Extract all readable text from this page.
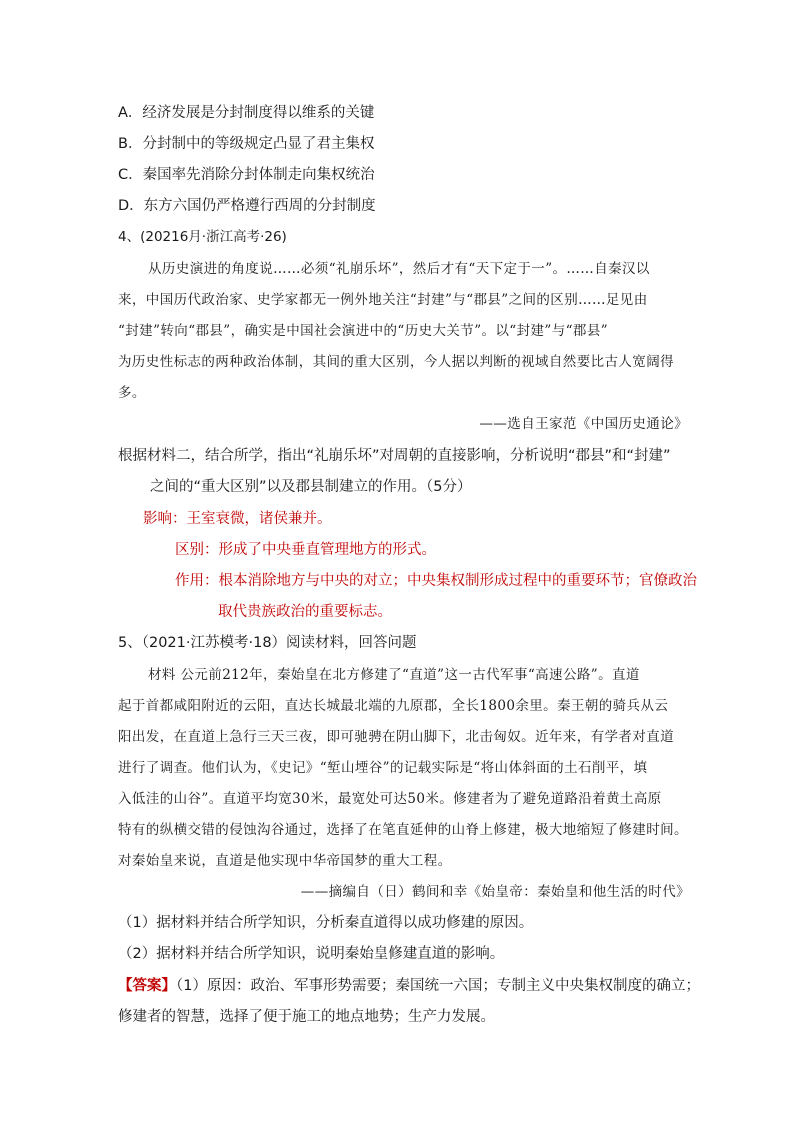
A．经济发展是分封制度得以维系的关键
B．分封制中的等级规定凸显了君主集权
C．秦国率先消除分封体制走向集权统治
D．东方六国仍严格遵行西周的分封制度
4、(20216月·浙江高考·26)
从历史演进的角度说……必须“礼崩乐坏”，然后才有“天下定于一”。……自秦汉以
来，中国历代政治家、史学家都无一例外地关注“封建”与“郡县”之间的区别……足见由
“封建”转向“郡县”，确实是中国社会演进中的“历史大关节”。以“封建”与“郡县”
为历史性标志的两种政治体制，其间的重大区别，今人据以判断的视域自然要比古人宽阔得
多。
——选自王家范《中国历史通论》
根据材料二，结合所学，指出“礼崩乐坏”对周朝的直接影响，分析说明“郡县”和“封建”
之间的“重大区别”以及郡县制建立的作用。（5分）
影响：王室衰微，诸侯兼并。
区别：形成了中央垂直管理地方的形式。
作用：根本消除地方与中央的对立；中央集权制形成过程中的重要环节；官僚政治
取代贵族政治的重要标志。
5、（2021·江苏模考·18）阅读材料，回答问题
材料 公元前212年，秦始皇在北方修建了“直道”这一古代军事“高速公路”。直道
起于首都咸阳附近的云阳，直达长城最北端的九原郡，全长1800余里。秦王朝的骑兵从云
阳出发，在直道上急行三天三夜，即可驰骋在阴山脚下，北击匈奴。近年来，有学者对直道
进行了调查。他们认为，《史记》“堑山堙谷”的记载实际是“将山体斜面的土石削平，填
入低洼的山谷”。直道平均宽30米，最宽处可达50米。修建者为了避免道路沿着黄土高原
特有的纵横交错的侵蚀沟谷通过，选择了在笔直延伸的山脊上修建，极大地缩短了修建时间。
对秦始皇来说，直道是他实现中华帝国梦的重大工程。
——摘编自（日）鹤间和幸《始皇帝：秦始皇和他生活的时代》
（1）据材料并结合所学知识，分析秦直道得以成功修建的原因。
（2）据材料并结合所学知识，说明秦始皇修建直道的影响。
【答案】（1）原因：政治、军事形势需要；秦国统一六国；专制主义中央集权制度的确立；
修建者的智慧，选择了便于施工的地点地势；生产力发展。
